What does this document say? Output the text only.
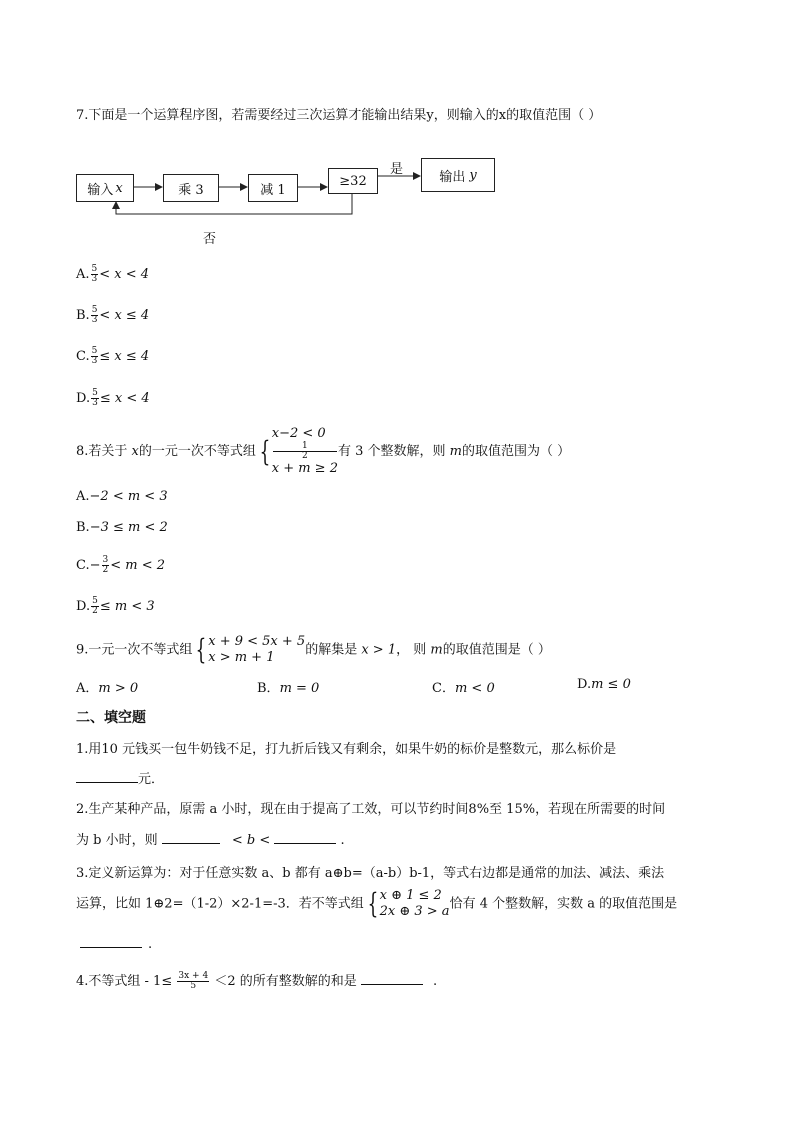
7.下面是一个运算程序图，若需要经过三次运算才能输出结果y，则输入的x的取值范围（ ）
输入 x	乘 3	减 1
≥32	输出 y
是
否
A. $\frac{5}{3} < x < 4$
B. $\frac{5}{3} < x \le 4$
C. $\frac{5}{3} \le x \le 4$
D. $\frac{5}{3} \le x < 4$
8.若关于 x的一元一次不等式组 {
x−2 < 0
1
2
x + m ≥ 2
有 3 个整数解，则 m的取值范围为（ ）
A.−2 < m < 3
B.−3 ≤ m < 2
$C.- \frac{3}{2} < m < 2$
D. $\frac{5}{2} \le m < 3$
9.一元一次不等式组 { x + 9 < 5x + 5
x > m + 1	的解集是 x > 1， 则 m的取值范围是（ ）
A．m > 0	B．m = 0	C．m < 0	D.m ≤ 0
二、填空题
1.用10 元钱买一包牛奶钱不足，打九折后钱又有剩余，如果牛奶的标价是整数元，那么标价是
元．
2.生产某种产品，原需 a 小时，现在由于提高了工效，可以节约时间8%至 15%，若现在所需要的时间
为 b 小时，则	< b <	.
3.定义新运算为：对于任意实数 a、b 都有 a⊕b=（a-b）b-1，等式右边都是通常的加法、减法、乘法
运算，比如 1⊕2=（1-2）×2-1=-3．若不等式组 { x ⊕ 1 ≤ 2
2x ⊕ 3 > a 恰有 4 个整数解，实数 a 的取值范围是
.
4.不等式组 - $1\le \frac{3x + 4}{5} <2$ 的所有整数解的和是	.
